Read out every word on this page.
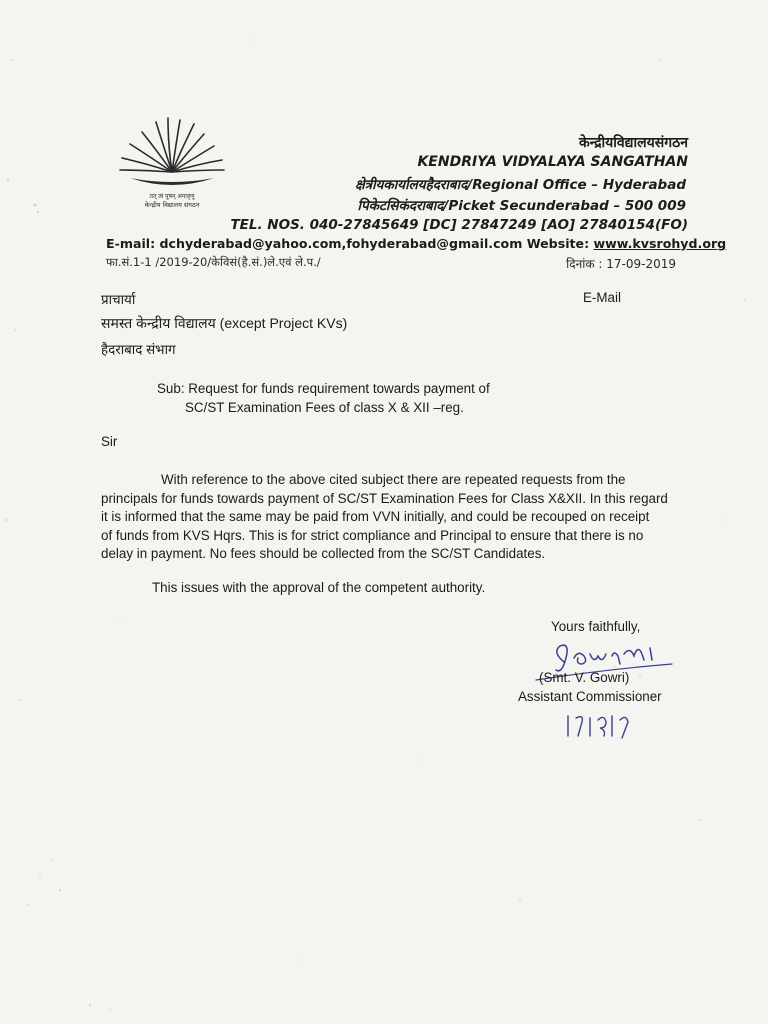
तत् त्वं पूषन् अपावृणु
केन्द्रीय विद्यालय संगठन
केन्द्रीयविद्यालयसंगठन
KENDRIYA VIDYALAYA SANGATHAN
क्षेत्रीयकार्यालयहैदराबाद/Regional Office – Hyderabad
पिकेटसिकंदराबाद/Picket Secunderabad – 500 009
TEL. NOS. 040-27845649 [DC] 27847249 [AO] 27840154(FO)
E-mail: dchyderabad@yahoo.com,fohyderabad@gmail.com Website: www.kvsrohyd.org
फा.सं.1-1 /2019-20/केविसं(है.सं.)ले.एवं ले.प./	दिनांक : 17-09-2019
प्राचार्या	E-Mail
समस्त केन्द्रीय विद्यालय (except Project KVs)
हैदराबाद संभाग
Sub: Request for funds requirement towards payment of
SC/ST Examination Fees of class X & XII –reg.
Sir
With reference to the above cited subject there are repeated requests from the
principals for funds towards payment of SC/ST Examination Fees for Class X&XII. In this regard
it is informed that the same may be paid from VVN initially, and could be recouped on receipt
of funds from KVS Hqrs. This is for strict compliance and Principal to ensure that there is no
delay in payment. No fees should be collected from the SC/ST Candidates.
This issues with the approval of the competent authority.
Yours faithfully,
(Smt. V. Gowri)
Assistant Commissioner
